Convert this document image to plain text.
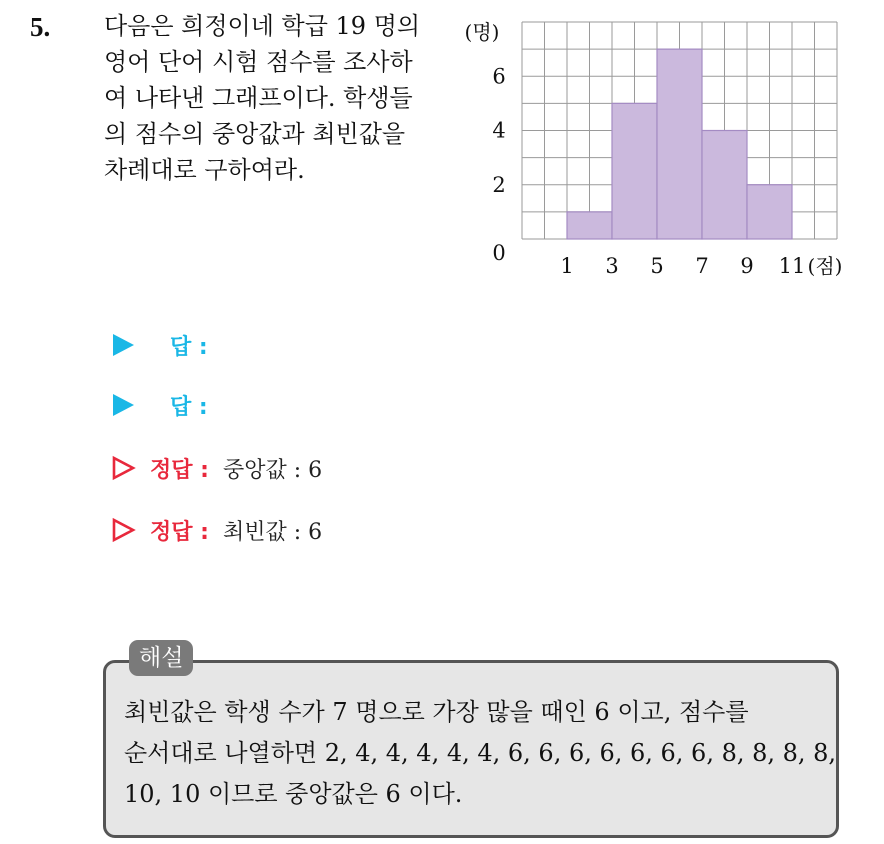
5. 다음은 희정이네 학급 19 명의
영어 단어 시험 점수를 조사하
여 나타낸 그래프이다. 학생들
의 점수의 중앙값과 최빈값을
차례대로 구하여라.
(명)
0
2
4
6
1 3 5 7 9 11 (점)
답 :
답 :
정답 : 중앙값 : 6
정답 : 최빈값 : 6
해설
최빈값은 학생 수가 7 명으로 가장 많을 때인 6 이고, 점수를
순서대로 나열하면 2, 4, 4, 4, 4, 4, 6, 6, 6, 6, 6, 6, 6, 8, 8, 8, 8,
10, 10 이므로 중앙값은 6 이다.
